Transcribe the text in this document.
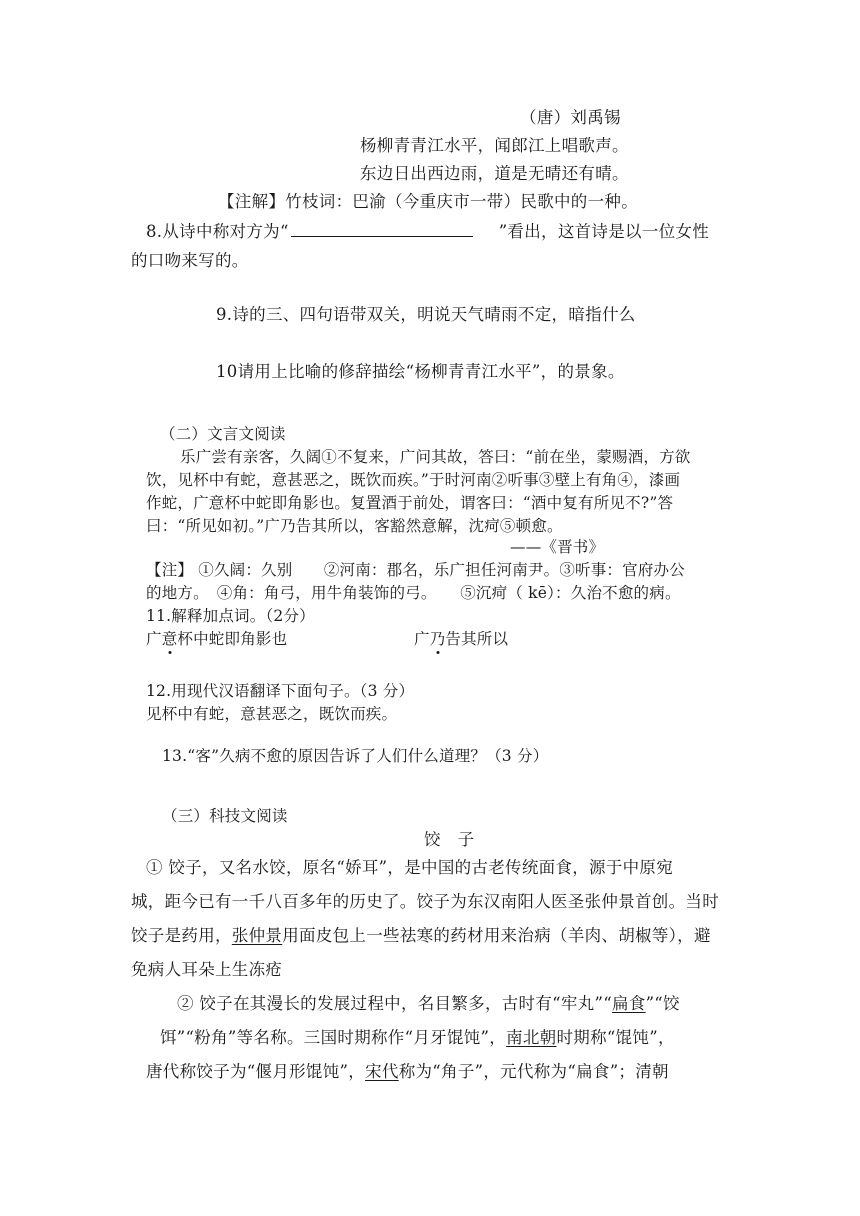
（唐）刘禹锡
杨柳青青江水平，闻郎江上唱歌声。
东边日出西边雨，道是无晴还有晴。
【注解】竹枝词：巴渝（今重庆市一带）民歌中的一种。
8.从诗中称对方为“	”看出，这首诗是以一位女性
的口吻来写的。
9.诗的三、四句语带双关，明说天气晴雨不定，暗指什么
10请用上比喻的修辞描绘“杨柳青青江水平”，的景象。
（二）文言文阅读
乐广尝有亲客，久阔①不复来，广问其故，答曰：“前在坐，蒙赐酒，方欲
饮，见杯中有蛇，意甚恶之，既饮而疾。”于时河南②听事③壁上有角④，漆画
作蛇，广意杯中蛇即角影也。复置酒于前处，谓客曰：“酒中复有所见不?”答
曰：“所见如初。”广乃告其所以，客豁然意解，沈疴⑤顿愈。
——《晋书》
【注】 ①久阔：久别　　②河南：郡名，乐广担任河南尹。③听事：官府办公
的地方。　④角：角弓，用牛角装饰的弓。　　⑤沉疴（ kē）：久治不愈的病。
11.解释加点词。（2分）
广意杯中蛇即角影也	广乃告其所以
12.用现代汉语翻译下面句子。（3 分）
见杯中有蛇，意甚恶之，既饮而疾。
13.“客”久病不愈的原因告诉了人们什么道理？（3 分）
（三）科技文阅读
饺　子
① 饺子，又名水饺，原名“娇耳”，是中国的古老传统面食，源于中原宛
城，距今已有一千八百多年的历史了。饺子为东汉南阳人医圣张仲景首创。当时
饺子是药用，张仲景用面皮包上一些祛寒的药材用来治病（羊肉、胡椒等），避
免病人耳朵上生冻疮
② 饺子在其漫长的发展过程中，名目繁多，古时有“牢丸”“扁食”“饺
饵”“粉角”等名称。三国时期称作“月牙馄饨”，南北朝时期称“馄饨”，
唐代称饺子为“偃月形馄饨”，宋代称为“角子”，元代称为“扁食”；清朝
